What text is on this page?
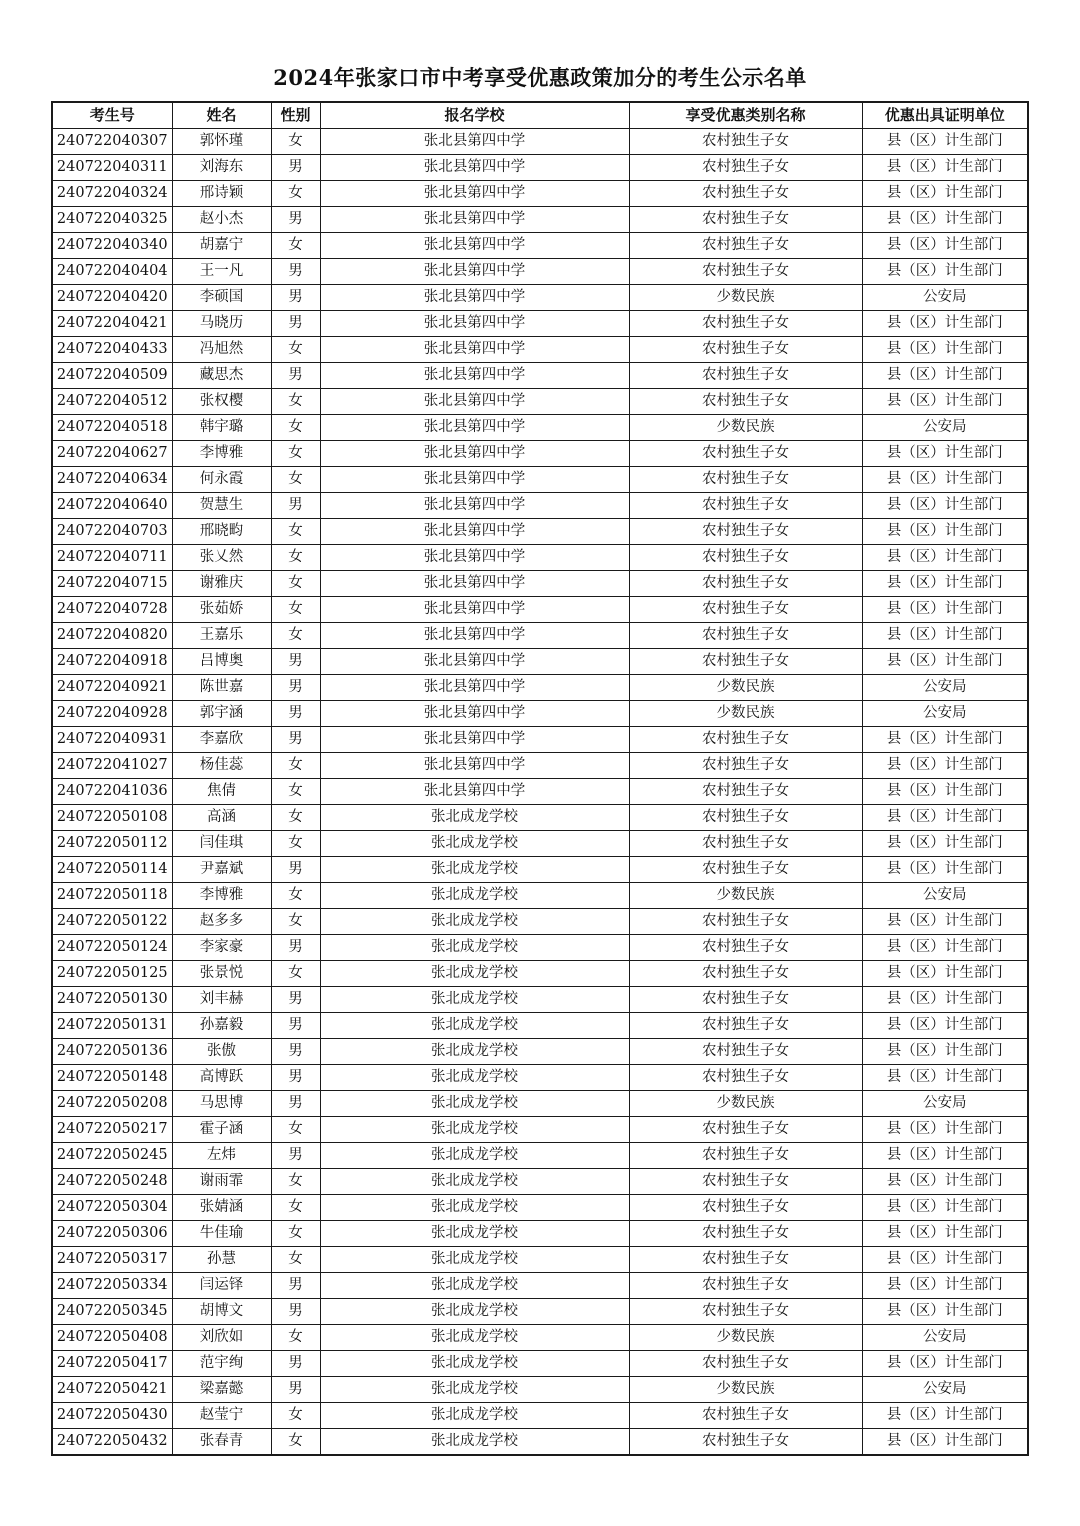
2024年张家口市中考享受优惠政策加分的考生公示名单
考生号	姓名	性别	报名学校	享受优惠类别名称	优惠出具证明单位
240722040307	郭怀瑾	女	张北县第四中学	农村独生子女	县（区）计生部门
240722040311	刘海东	男	张北县第四中学	农村独生子女	县（区）计生部门
240722040324	邢诗颖	女	张北县第四中学	农村独生子女	县（区）计生部门
240722040325	赵小杰	男	张北县第四中学	农村独生子女	县（区）计生部门
240722040340	胡嘉宁	女	张北县第四中学	农村独生子女	县（区）计生部门
240722040404	王一凡	男	张北县第四中学	农村独生子女	县（区）计生部门
240722040420	李硕国	男	张北县第四中学	少数民族	公安局
240722040421	马晓历	男	张北县第四中学	农村独生子女	县（区）计生部门
240722040433	冯旭然	女	张北县第四中学	农村独生子女	县（区）计生部门
240722040509	藏思杰	男	张北县第四中学	农村独生子女	县（区）计生部门
240722040512	张权樱	女	张北县第四中学	农村独生子女	县（区）计生部门
240722040518	韩宇璐	女	张北县第四中学	少数民族	公安局
240722040627	李博雅	女	张北县第四中学	农村独生子女	县（区）计生部门
240722040634	何永霞	女	张北县第四中学	农村独生子女	县（区）计生部门
240722040640	贺慧生	男	张北县第四中学	农村独生子女	县（区）计生部门
240722040703	邢晓畇	女	张北县第四中学	农村独生子女	县（区）计生部门
240722040711	张乂然	女	张北县第四中学	农村独生子女	县（区）计生部门
240722040715	谢雅庆	女	张北县第四中学	农村独生子女	县（区）计生部门
240722040728	张茹娇	女	张北县第四中学	农村独生子女	县（区）计生部门
240722040820	王嘉乐	女	张北县第四中学	农村独生子女	县（区）计生部门
240722040918	吕博奥	男	张北县第四中学	农村独生子女	县（区）计生部门
240722040921	陈世嘉	男	张北县第四中学	少数民族	公安局
240722040928	郭宇涵	男	张北县第四中学	少数民族	公安局
240722040931	李嘉欣	男	张北县第四中学	农村独生子女	县（区）计生部门
240722041027	杨佳蕊	女	张北县第四中学	农村独生子女	县（区）计生部门
240722041036	焦倩	女	张北县第四中学	农村独生子女	县（区）计生部门
240722050108	高涵	女	张北成龙学校	农村独生子女	县（区）计生部门
240722050112	闫佳琪	女	张北成龙学校	农村独生子女	县（区）计生部门
240722050114	尹嘉斌	男	张北成龙学校	农村独生子女	县（区）计生部门
240722050118	李博雅	女	张北成龙学校	少数民族	公安局
240722050122	赵多多	女	张北成龙学校	农村独生子女	县（区）计生部门
240722050124	李家豪	男	张北成龙学校	农村独生子女	县（区）计生部门
240722050125	张景悦	女	张北成龙学校	农村独生子女	县（区）计生部门
240722050130	刘丰赫	男	张北成龙学校	农村独生子女	县（区）计生部门
240722050131	孙嘉毅	男	张北成龙学校	农村独生子女	县（区）计生部门
240722050136	张傲	男	张北成龙学校	农村独生子女	县（区）计生部门
240722050148	高博跃	男	张北成龙学校	农村独生子女	县（区）计生部门
240722050208	马思博	男	张北成龙学校	少数民族	公安局
240722050217	霍子涵	女	张北成龙学校	农村独生子女	县（区）计生部门
240722050245	左炜	男	张北成龙学校	农村独生子女	县（区）计生部门
240722050248	谢雨霏	女	张北成龙学校	农村独生子女	县（区）计生部门
240722050304	张婧涵	女	张北成龙学校	农村独生子女	县（区）计生部门
240722050306	牛佳瑜	女	张北成龙学校	农村独生子女	县（区）计生部门
240722050317	孙慧	女	张北成龙学校	农村独生子女	县（区）计生部门
240722050334	闫运铎	男	张北成龙学校	农村独生子女	县（区）计生部门
240722050345	胡博文	男	张北成龙学校	农村独生子女	县（区）计生部门
240722050408	刘欣如	女	张北成龙学校	少数民族	公安局
240722050417	范宇绚	男	张北成龙学校	农村独生子女	县（区）计生部门
240722050421	梁嘉懿	男	张北成龙学校	少数民族	公安局
240722050430	赵莹宁	女	张北成龙学校	农村独生子女	县（区）计生部门
240722050432	张春青	女	张北成龙学校	农村独生子女	县（区）计生部门
